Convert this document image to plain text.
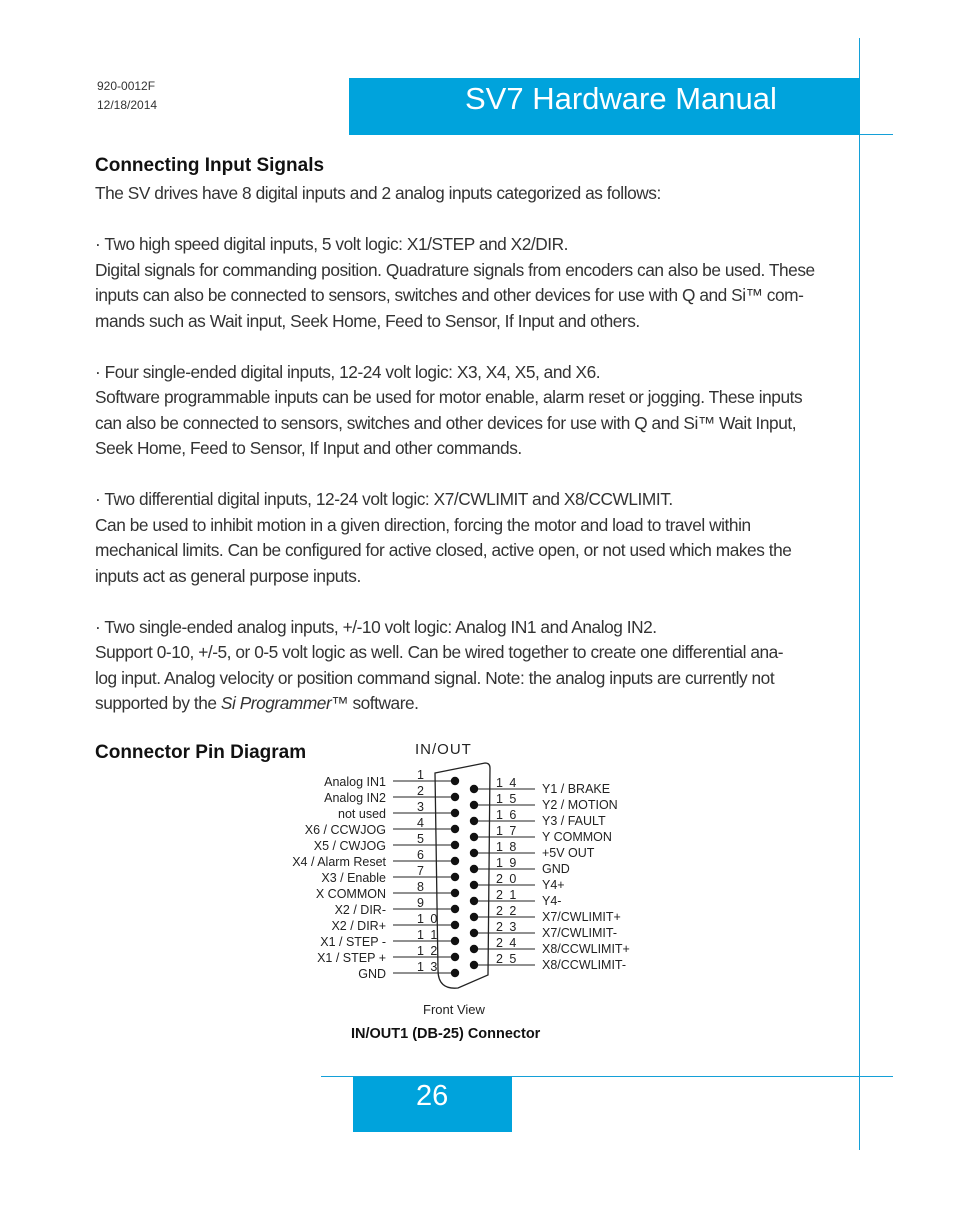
920-0012F
12/18/2014	SV7 Hardware Manual
Connecting Input Signals

The SV drives have 8 digital inputs and 2 analog inputs categorized as follows:

· Two high speed digital inputs, 5 volt logic: X1/STEP and X2/DIR.

Digital signals for commanding position. Quadrature signals from encoders can also be used. These

inputs can also be connected to sensors, switches and other devices for use with Q and Si™ com-

mands such as Wait input, Seek Home, Feed to Sensor, If Input and others.

· Four single-ended digital inputs, 12-24 volt logic: X3, X4, X5, and X6.

Software programmable inputs can be used for motor enable, alarm reset or jogging. These inputs

can also be connected to sensors, switches and other devices for use with Q and Si™ Wait Input,

Seek Home, Feed to Sensor, If Input and other commands.

· Two differential digital inputs, 12-24 volt logic: X7/CWLIMIT and X8/CCWLIMIT.

Can be used to inhibit motion in a given direction, forcing the motor and load to travel within

mechanical limits. Can be configured for active closed, active open, or not used which makes the

inputs act as general purpose inputs.

· Two single-ended analog inputs, +/-10 volt logic: Analog IN1 and Analog IN2.

Support 0-10, +/-5, or 0-5 volt logic as well. Can be wired together to create one differential ana-

log input. Analog velocity or position command signal. Note: the analog inputs are currently not

supported by the Si Programmer™ software.

Connector Pin Diagram	IN/OUT
Front View
1
Analog IN1
2
Analog IN2
3
not used
4
X6 / CCWJOG
5
X5 / CWJOG
6
X4 / Alarm Reset
7
X3 / Enable
8
X COMMON
9
X2 / DIR-
1 0
X2 / DIR+
1 1
X1 / STEP -
1 2
X1 / STEP +
1 3
GND
1 4 Y1 / BRAKE
1 5 Y2 / MOTION
1 6 Y3 / FAULT
1 7 Y COMMON
1 8 +5V OUT
1 9 GND
2 0 Y4+
2 1 Y4-
2 2 X7/CWLIMIT+
2 3 X7/CWLIMIT-
2 4 X8/CCWLIMIT+
2 5 X8/CCWLIMIT-
IN/OUT1 (DB-25) Connector
26
